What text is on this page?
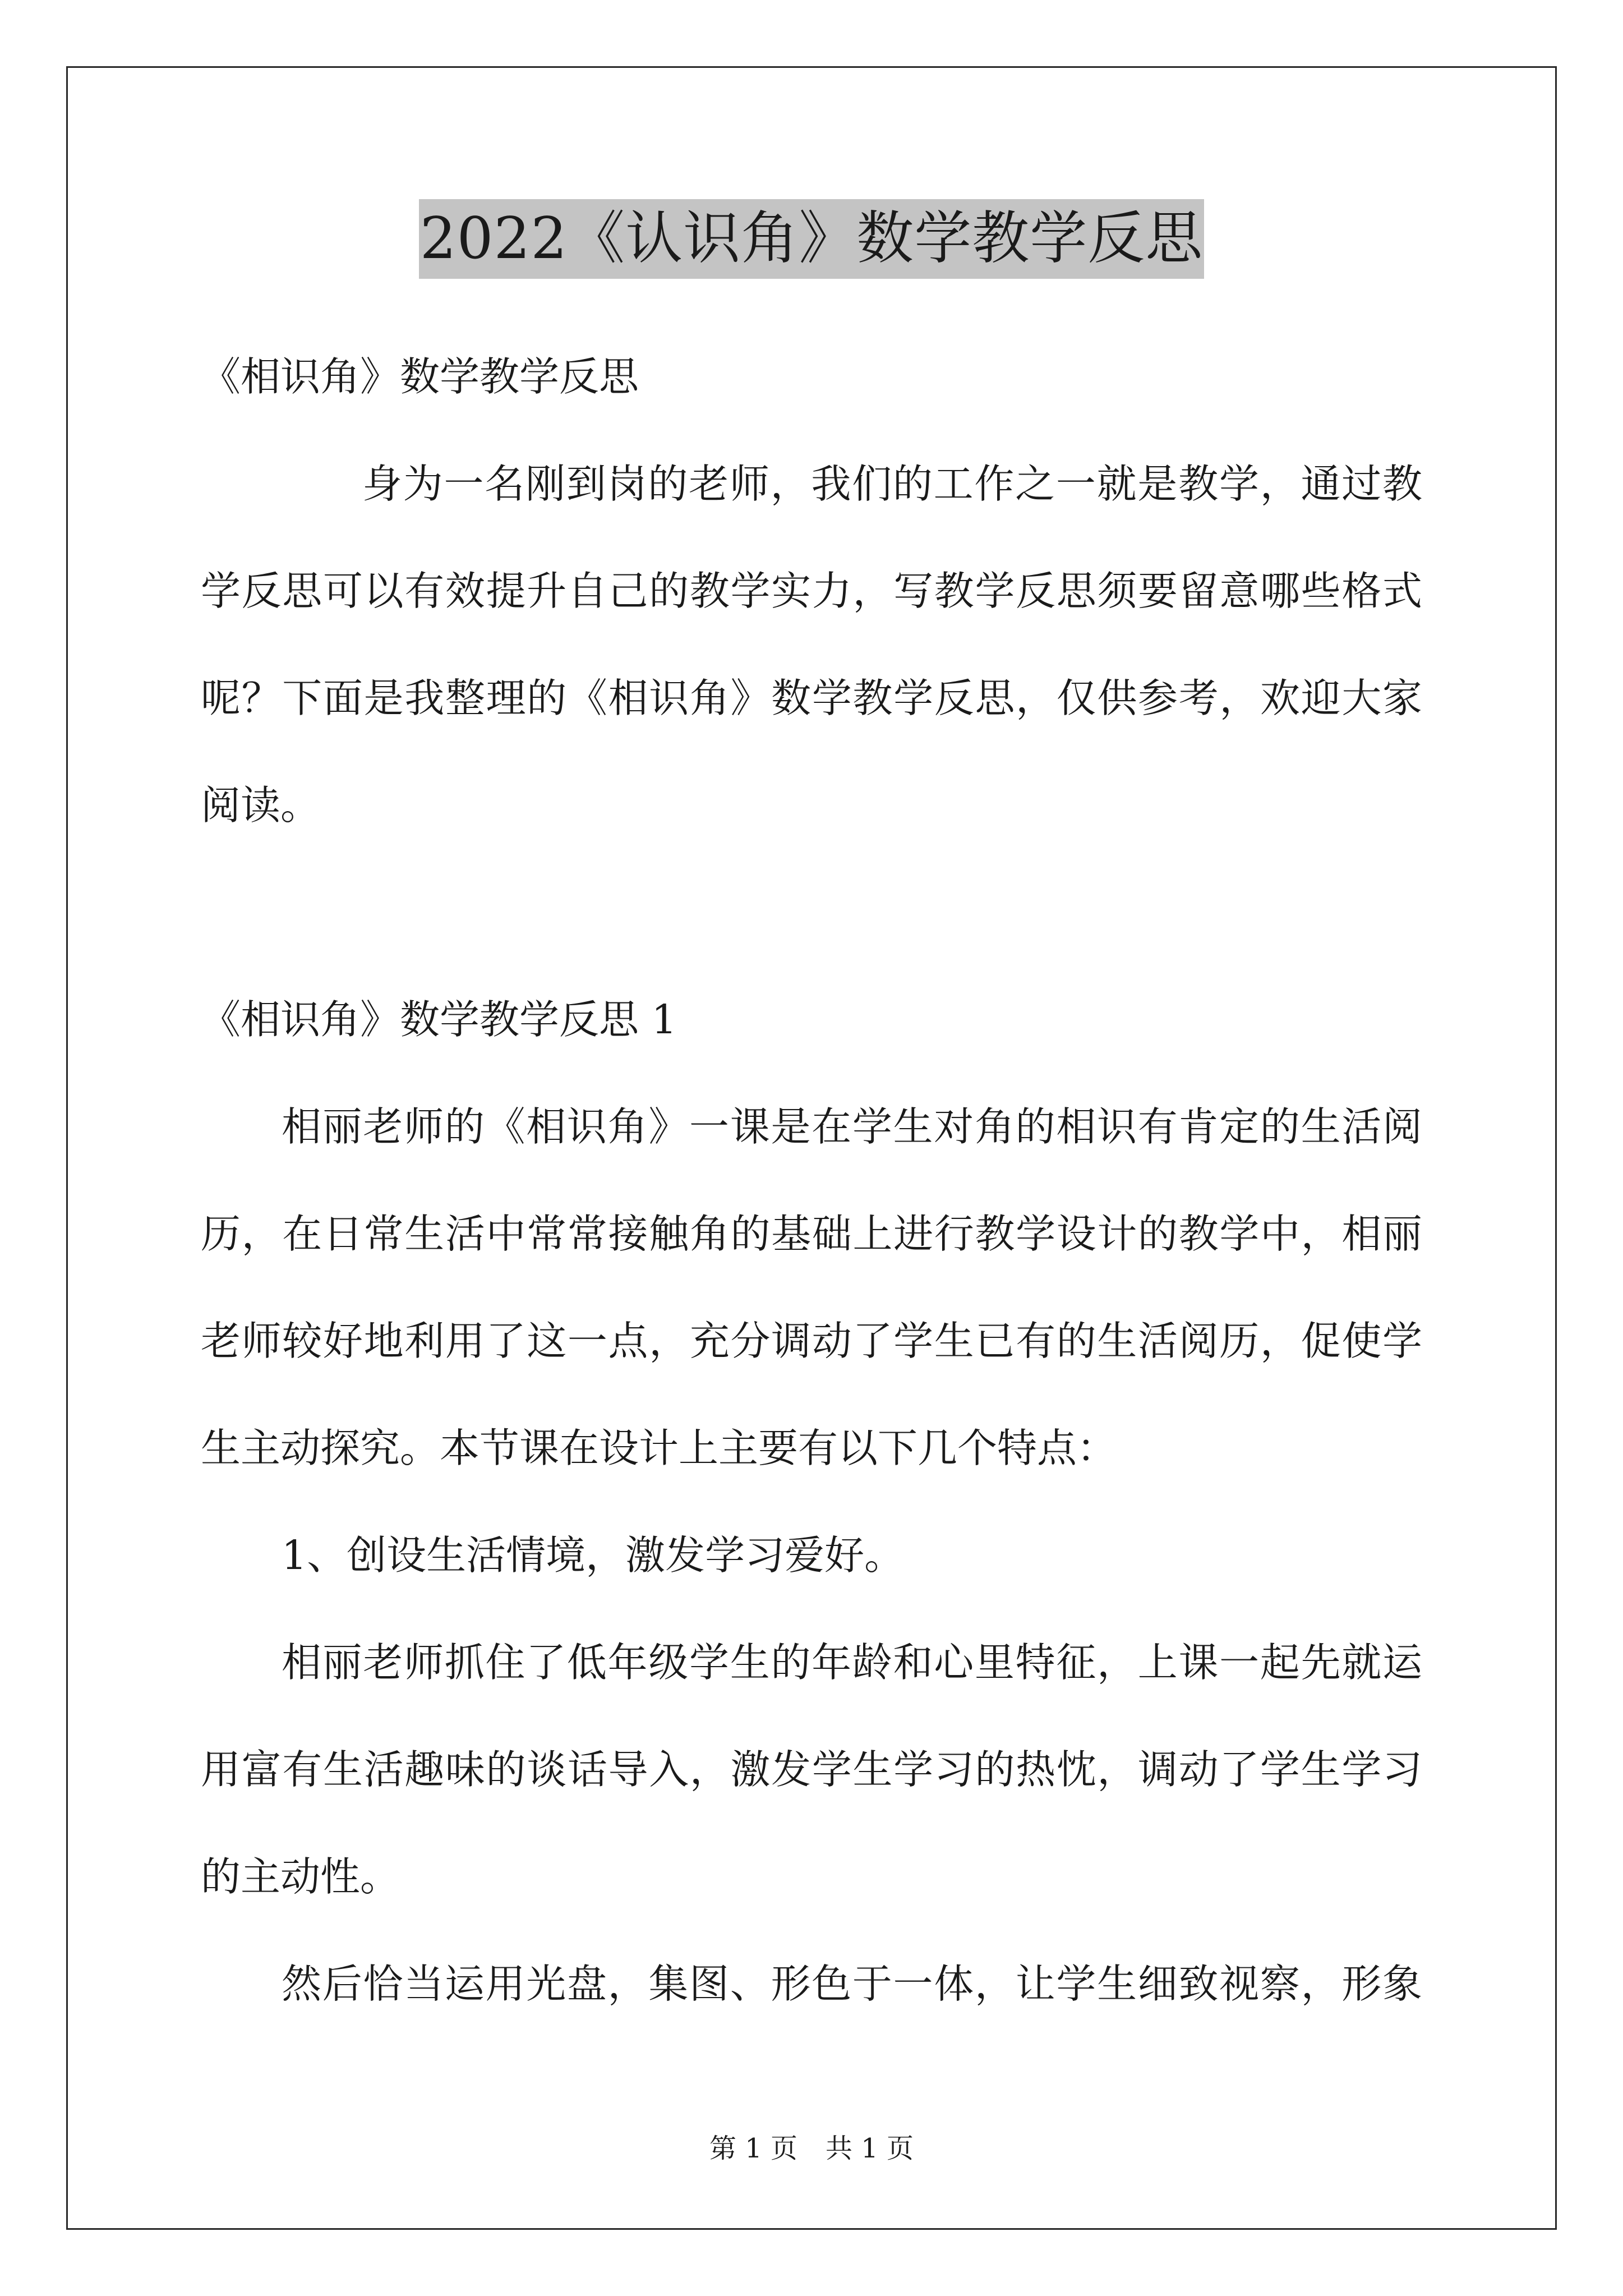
2022《认识角》数学教学反思
《相识角》数学教学反思
身为一名刚到岗的老师，我们的工作之一就是教学，通过教
学反思可以有效提升自己的教学实力，写教学反思须要留意哪些格式
呢？下面是我整理的《相识角》数学教学反思，仅供参考，欢迎大家
阅读。
《相识角》数学教学反思 1
相丽老师的《相识角》一课是在学生对角的相识有肯定的生活阅
历，在日常生活中常常接触角的基础上进行教学设计的教学中，相丽
老师较好地利用了这一点，充分调动了学生已有的生活阅历，促使学
生主动探究。本节课在设计上主要有以下几个特点：
1、创设生活情境，激发学习爱好。
相丽老师抓住了低年级学生的年龄和心里特征，上课一起先就运
用富有生活趣味的谈话导入，激发学生学习的热忱，调动了学生学习
的主动性。
然后恰当运用光盘，集图、形色于一体，让学生细致视察，形象
第 1 页 共 1 页
